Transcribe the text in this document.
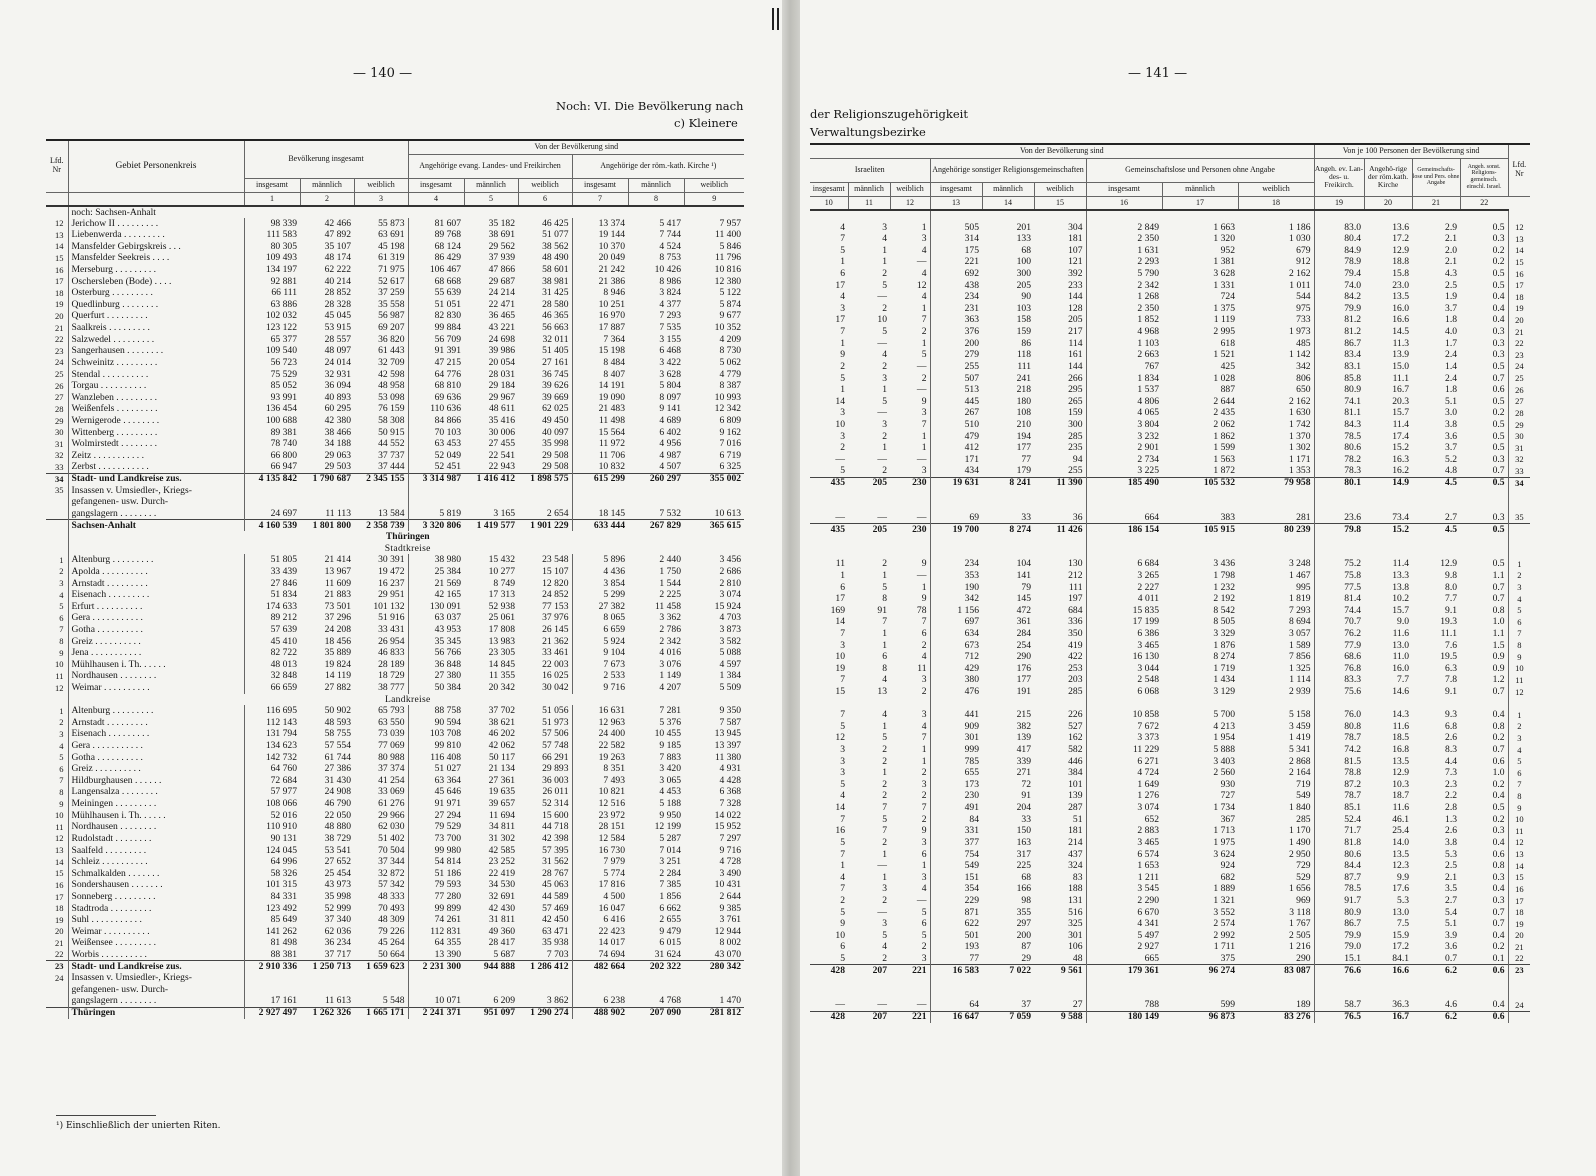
— 140 —
Noch: VI. Die Bevölkerung nach
c) Kleinere
Lfd. Nr	Gebiet Personenkreis	Bevölkerung insgesamt			Von der Bevölkerung sind					
					Angehörige evang. Landes- und Freikirchen			Angehörige der röm.-kath. Kirche ¹)		
		insgesamt	männlich	weiblich	insgesamt	männlich	weiblich	insgesamt	männlich	weiblich
		1	2	3	4	5	6	7	8	9
	noch: Sachsen-Anhalt									
12	Jerichow II . . . . . . . . .	98 339	42 466	55 873	81 607	35 182	46 425	13 374	5 417	7 957
13	Liebenwerda . . . . . . . . .	111 583	47 892	63 691	89 768	38 691	51 077	19 144	7 744	11 400
14	Mansfelder Gebirgskreis . . .	80 305	35 107	45 198	68 124	29 562	38 562	10 370	4 524	5 846
15	Mansfelder Seekreis . . . .	109 493	48 174	61 319	86 429	37 939	48 490	20 049	8 753	11 796
16	Merseburg . . . . . . . . .	134 197	62 222	71 975	106 467	47 866	58 601	21 242	10 426	10 816
17	Oschersleben (Bode) . . . .	92 881	40 214	52 617	68 668	29 687	38 981	21 386	8 986	12 380
18	Osterburg . . . . . . . . .	66 111	28 852	37 259	55 639	24 214	31 425	8 946	3 824	5 122
19	Quedlinburg . . . . . . . .	63 886	28 328	35 558	51 051	22 471	28 580	10 251	4 377	5 874
20	Querfurt . . . . . . . . .	102 032	45 045	56 987	82 830	36 465	46 365	16 970	7 293	9 677
21	Saalkreis . . . . . . . . .	123 122	53 915	69 207	99 884	43 221	56 663	17 887	7 535	10 352
22	Salzwedel . . . . . . . . .	65 377	28 557	36 820	56 709	24 698	32 011	7 364	3 155	4 209
23	Sangerhausen . . . . . . . .	109 540	48 097	61 443	91 391	39 986	51 405	15 198	6 468	8 730
24	Schweinitz . . . . . . . . .	56 723	24 014	32 709	47 215	20 054	27 161	8 484	3 422	5 062
25	Stendal . . . . . . . . . .	75 529	32 931	42 598	64 776	28 031	36 745	8 407	3 628	4 779
26	Torgau . . . . . . . . . .	85 052	36 094	48 958	68 810	29 184	39 626	14 191	5 804	8 387
27	Wanzleben . . . . . . . . .	93 991	40 893	53 098	69 636	29 967	39 669	19 090	8 097	10 993
28	Weißenfels . . . . . . . . .	136 454	60 295	76 159	110 636	48 611	62 025	21 483	9 141	12 342
29	Wernigerode . . . . . . . .	100 688	42 380	58 308	84 866	35 416	49 450	11 498	4 689	6 809
30	Wittenberg . . . . . . . . .	89 381	38 466	50 915	70 103	30 006	40 097	15 564	6 402	9 162
31	Wolmirstedt . . . . . . . .	78 740	34 188	44 552	63 453	27 455	35 998	11 972	4 956	7 016
32	Zeitz . . . . . . . . . . .	66 800	29 063	37 737	52 049	22 541	29 508	11 706	4 987	6 719
33	Zerbst . . . . . . . . . . .	66 947	29 503	37 444	52 451	22 943	29 508	10 832	4 507	6 325
34	Stadt- und Landkreise zus.	4 135 842	1 790 687	2 345 155	3 314 987	1 416 412	1 898 575	615 299	260 297	355 002
35	Insassen v. Umsiedler-, Kriegs-									
	gefangenen- usw. Durch-									
	gangslagern . . . . . . . .	24 697	11 113	13 584	5 819	3 165	2 654	18 145	7 532	10 613
	Sachsen-Anhalt	4 160 539	1 801 800	2 358 739	3 320 806	1 419 577	1 901 229	633 444	267 829	365 615
	Thüringen									
	Stadtkreise									
1	Altenburg . . . . . . . . .	51 805	21 414	30 391	38 980	15 432	23 548	5 896	2 440	3 456
2	Apolda . . . . . . . . . .	33 439	13 967	19 472	25 384	10 277	15 107	4 436	1 750	2 686
3	Arnstadt . . . . . . . . .	27 846	11 609	16 237	21 569	8 749	12 820	3 854	1 544	2 810
4	Eisenach . . . . . . . . .	51 834	21 883	29 951	42 165	17 313	24 852	5 299	2 225	3 074
5	Erfurt . . . . . . . . . .	174 633	73 501	101 132	130 091	52 938	77 153	27 382	11 458	15 924
6	Gera . . . . . . . . . . .	89 212	37 296	51 916	63 037	25 061	37 976	8 065	3 362	4 703
7	Gotha . . . . . . . . . .	57 639	24 208	33 431	43 953	17 808	26 145	6 659	2 786	3 873
8	Greiz . . . . . . . . . .	45 410	18 456	26 954	35 345	13 983	21 362	5 924	2 342	3 582
9	Jena . . . . . . . . . . .	82 722	35 889	46 833	56 766	23 305	33 461	9 104	4 016	5 088
10	Mühlhausen i. Th. . . . . .	48 013	19 824	28 189	36 848	14 845	22 003	7 673	3 076	4 597
11	Nordhausen . . . . . . . .	32 848	14 119	18 729	27 380	11 355	16 025	2 533	1 149	1 384
12	Weimar . . . . . . . . . .	66 659	27 882	38 777	50 384	20 342	30 042	9 716	4 207	5 509
	Landkreise									
1	Altenburg . . . . . . . . .	116 695	50 902	65 793	88 758	37 702	51 056	16 631	7 281	9 350
2	Arnstadt . . . . . . . . .	112 143	48 593	63 550	90 594	38 621	51 973	12 963	5 376	7 587
3	Eisenach . . . . . . . . .	131 794	58 755	73 039	103 708	46 202	57 506	24 400	10 455	13 945
4	Gera . . . . . . . . . . .	134 623	57 554	77 069	99 810	42 062	57 748	22 582	9 185	13 397
5	Gotha . . . . . . . . . .	142 732	61 744	80 988	116 408	50 117	66 291	19 263	7 883	11 380
6	Greiz . . . . . . . . . .	64 760	27 386	37 374	51 027	21 134	29 893	8 351	3 420	4 931
7	Hildburghausen . . . . . .	72 684	31 430	41 254	63 364	27 361	36 003	7 493	3 065	4 428
8	Langensalza . . . . . . . .	57 977	24 908	33 069	45 646	19 635	26 011	10 821	4 453	6 368
9	Meiningen . . . . . . . . .	108 066	46 790	61 276	91 971	39 657	52 314	12 516	5 188	7 328
10	Mühlhausen i. Th. . . . . .	52 016	22 050	29 966	27 294	11 694	15 600	23 972	9 950	14 022
11	Nordhausen . . . . . . . .	110 910	48 880	62 030	79 529	34 811	44 718	28 151	12 199	15 952
12	Rudolstadt . . . . . . . .	90 131	38 729	51 402	73 700	31 302	42 398	12 584	5 287	7 297
13	Saalfeld . . . . . . . . .	124 045	53 541	70 504	99 980	42 585	57 395	16 730	7 014	9 716
14	Schleiz . . . . . . . . . .	64 996	27 652	37 344	54 814	23 252	31 562	7 979	3 251	4 728
15	Schmalkalden . . . . . . .	58 326	25 454	32 872	51 186	22 419	28 767	5 774	2 284	3 490
16	Sondershausen . . . . . . .	101 315	43 973	57 342	79 593	34 530	45 063	17 816	7 385	10 431
17	Sonneberg . . . . . . . . .	84 331	35 998	48 333	77 280	32 691	44 589	4 500	1 856	2 644
18	Stadtroda . . . . . . . . .	123 492	52 999	70 493	99 899	42 430	57 469	16 047	6 662	9 385
19	Suhl . . . . . . . . . . .	85 649	37 340	48 309	74 261	31 811	42 450	6 416	2 655	3 761
20	Weimar . . . . . . . . . .	141 262	62 036	79 226	112 831	49 360	63 471	22 423	9 479	12 944
21	Weißensee . . . . . . . . .	81 498	36 234	45 264	64 355	28 417	35 938	14 017	6 015	8 002
22	Worbis . . . . . . . . . .	88 381	37 717	50 664	13 390	5 687	7 703	74 694	31 624	43 070
23	Stadt- und Landkreise zus.	2 910 336	1 250 713	1 659 623	2 231 300	944 888	1 286 412	482 664	202 322	280 342
24	Insassen v. Umsiedler-, Kriegs-									
	gefangenen- usw. Durch-									
	gangslagern . . . . . . . .	17 161	11 613	5 548	10 071	6 209	3 862	6 238	4 768	1 470
	Thüringen	2 927 497	1 262 326	1 665 171	2 241 371	951 097	1 290 274	488 902	207 090	281 812
¹) Einschließlich der unierten Riten.
— 141 —
der Religionszugehörigkeit
Verwaltungsbezirke
Von der Bevölkerung sind									Von je 100 Personen der Bevölkerung sind				Lfd. Nr
Israeliten			Angehörige sonstiger Religionsgemeinschaften			Gemeinschaftslose und Personen ohne Angabe			Angeh. ev. Lan-des- u. Freikirch.	Angehö-rige der röm.kath. Kirche	Gemeinschafts-lose und Pers. ohne Angabe	Angeh. sonst. Religions-gemeinsch. einschl. Israel.	
insgesamt	männlich	weiblich	insgesamt	männlich	weiblich	insgesamt	männlich	weiblich					
10	11	12	13	14	15	16	17	18	19	20	21	22	

4	3	1	505	201	304	2 849	1 663	1 186	83.0	13.6	2.9	0.5	12
7	4	3	314	133	181	2 350	1 320	1 030	80.4	17.2	2.1	0.3	13
5	1	4	175	68	107	1 631	952	679	84.9	12.9	2.0	0.2	14
1	1	—	221	100	121	2 293	1 381	912	78.9	18.8	2.1	0.2	15
6	2	4	692	300	392	5 790	3 628	2 162	79.4	15.8	4.3	0.5	16
17	5	12	438	205	233	2 342	1 331	1 011	74.0	23.0	2.5	0.5	17
4	—	4	234	90	144	1 268	724	544	84.2	13.5	1.9	0.4	18
3	2	1	231	103	128	2 350	1 375	975	79.9	16.0	3.7	0.4	19
17	10	7	363	158	205	1 852	1 119	733	81.2	16.6	1.8	0.4	20
7	5	2	376	159	217	4 968	2 995	1 973	81.2	14.5	4.0	0.3	21
1	—	1	200	86	114	1 103	618	485	86.7	11.3	1.7	0.3	22
9	4	5	279	118	161	2 663	1 521	1 142	83.4	13.9	2.4	0.3	23
2	2	—	255	111	144	767	425	342	83.1	15.0	1.4	0.5	24
5	3	2	507	241	266	1 834	1 028	806	85.8	11.1	2.4	0.7	25
1	1	—	513	218	295	1 537	887	650	80.9	16.7	1.8	0.6	26
14	5	9	445	180	265	4 806	2 644	2 162	74.1	20.3	5.1	0.5	27
3	—	3	267	108	159	4 065	2 435	1 630	81.1	15.7	3.0	0.2	28
10	3	7	510	210	300	3 804	2 062	1 742	84.3	11.4	3.8	0.5	29
3	2	1	479	194	285	3 232	1 862	1 370	78.5	17.4	3.6	0.5	30
2	1	1	412	177	235	2 901	1 599	1 302	80.6	15.2	3.7	0.5	31
—	—	—	171	77	94	2 734	1 563	1 171	78.2	16.3	5.2	0.3	32
5	2	3	434	179	255	3 225	1 872	1 353	78.3	16.2	4.8	0.7	33
435	205	230	19 631	8 241	11 390	185 490	105 532	79 958	80.1	14.9	4.5	0.5	34

—	—	—	69	33	36	664	383	281	23.6	73.4	2.7	0.3	35
435	205	230	19 700	8 274	11 426	186 154	105 915	80 239	79.8	15.2	4.5	0.5	

11	2	9	234	104	130	6 684	3 436	3 248	75.2	11.4	12.9	0.5	1
1	1	—	353	141	212	3 265	1 798	1 467	75.8	13.3	9.8	1.1	2
6	5	1	190	79	111	2 227	1 232	995	77.5	13.8	8.0	0.7	3
17	8	9	342	145	197	4 011	2 192	1 819	81.4	10.2	7.7	0.7	4
169	91	78	1 156	472	684	15 835	8 542	7 293	74.4	15.7	9.1	0.8	5
14	7	7	697	361	336	17 199	8 505	8 694	70.7	9.0	19.3	1.0	6
7	1	6	634	284	350	6 386	3 329	3 057	76.2	11.6	11.1	1.1	7
3	1	2	673	254	419	3 465	1 876	1 589	77.9	13.0	7.6	1.5	8
10	6	4	712	290	422	16 130	8 274	7 856	68.6	11.0	19.5	0.9	9
19	8	11	429	176	253	3 044	1 719	1 325	76.8	16.0	6.3	0.9	10
7	4	3	380	177	203	2 548	1 434	1 114	83.3	7.7	7.8	1.2	11
15	13	2	476	191	285	6 068	3 129	2 939	75.6	14.6	9.1	0.7	12

7	4	3	441	215	226	10 858	5 700	5 158	76.0	14.3	9.3	0.4	1
5	1	4	909	382	527	7 672	4 213	3 459	80.8	11.6	6.8	0.8	2
12	5	7	301	139	162	3 373	1 954	1 419	78.7	18.5	2.6	0.2	3
3	2	1	999	417	582	11 229	5 888	5 341	74.2	16.8	8.3	0.7	4
3	2	1	785	339	446	6 271	3 403	2 868	81.5	13.5	4.4	0.6	5
3	1	2	655	271	384	4 724	2 560	2 164	78.8	12.9	7.3	1.0	6
5	2	3	173	72	101	1 649	930	719	87.2	10.3	2.3	0.2	7
4	2	2	230	91	139	1 276	727	549	78.7	18.7	2.2	0.4	8
14	7	7	491	204	287	3 074	1 734	1 840	85.1	11.6	2.8	0.5	9
7	5	2	84	33	51	652	367	285	52.4	46.1	1.3	0.2	10
16	7	9	331	150	181	2 883	1 713	1 170	71.7	25.4	2.6	0.3	11
5	2	3	377	163	214	3 465	1 975	1 490	81.8	14.0	3.8	0.4	12
7	1	6	754	317	437	6 574	3 624	2 950	80.6	13.5	5.3	0.6	13
1	—	1	549	225	324	1 653	924	729	84.4	12.3	2.5	0.8	14
4	1	3	151	68	83	1 211	682	529	87.7	9.9	2.1	0.3	15
7	3	4	354	166	188	3 545	1 889	1 656	78.5	17.6	3.5	0.4	16
2	2	—	229	98	131	2 290	1 321	969	91.7	5.3	2.7	0.3	17
5	—	5	871	355	516	6 670	3 552	3 118	80.9	13.0	5.4	0.7	18
9	3	6	622	297	325	4 341	2 574	1 767	86.7	7.5	5.1	0.7	19
10	5	5	501	200	301	5 497	2 992	2 505	79.9	15.9	3.9	0.4	20
6	4	2	193	87	106	2 927	1 711	1 216	79.0	17.2	3.6	0.2	21
5	2	3	77	29	48	665	375	290	15.1	84.1	0.7	0.1	22
428	207	221	16 583	7 022	9 561	179 361	96 274	83 087	76.6	16.6	6.2	0.6	23

—	—	—	64	37	27	788	599	189	58.7	36.3	4.6	0.4	24
428	207	221	16 647	7 059	9 588	180 149	96 873	83 276	76.5	16.7	6.2	0.6	
